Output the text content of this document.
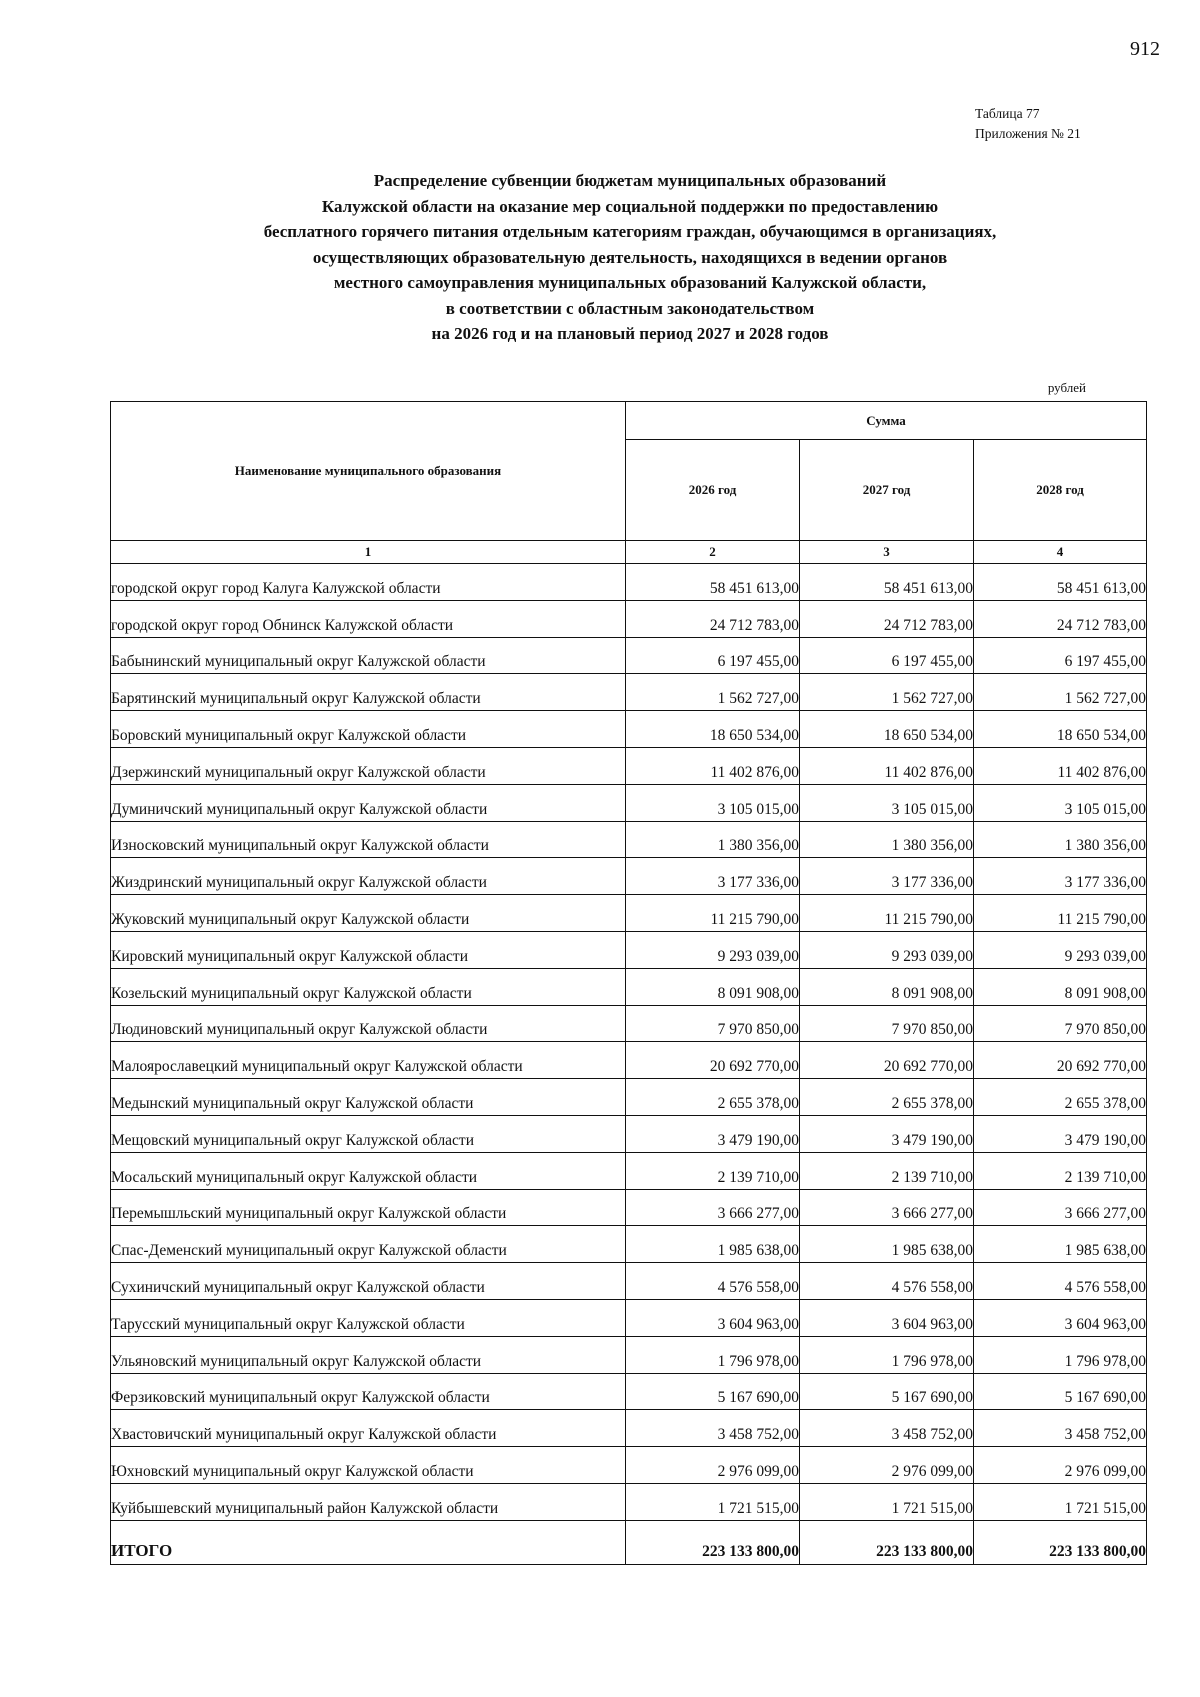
912
Таблица 77
Приложения № 21
Распределение субвенции бюджетам муниципальных образований
Калужской области на оказание мер социальной поддержки по предоставлению
бесплатного горячего питания отдельным категориям граждан, обучающимся в организациях,
осуществляющих образовательную деятельность, находящихся в ведении органов
местного самоуправления муниципальных образований Калужской области,
в соответствии с областным законодательством
на 2026 год и на плановый период 2027 и 2028 годов
рублей
Наименование муниципального образования	Сумма		
	2026 год	2027 год	2028 год
1	2	3	4
городской округ город Калуга Калужской области	58 451 613,00	58 451 613,00	58 451 613,00
городской округ город Обнинск Калужской области	24 712 783,00	24 712 783,00	24 712 783,00
Бабынинский муниципальный округ Калужской области	6 197 455,00	6 197 455,00	6 197 455,00
Барятинский муниципальный округ Калужской области	1 562 727,00	1 562 727,00	1 562 727,00
Боровский муниципальный округ Калужской области	18 650 534,00	18 650 534,00	18 650 534,00
Дзержинский муниципальный округ Калужской области	11 402 876,00	11 402 876,00	11 402 876,00
Думиничский муниципальный округ Калужской области	3 105 015,00	3 105 015,00	3 105 015,00
Износковский муниципальный округ Калужской области	1 380 356,00	1 380 356,00	1 380 356,00
Жиздринский муниципальный округ Калужской области	3 177 336,00	3 177 336,00	3 177 336,00
Жуковский муниципальный округ Калужской области	11 215 790,00	11 215 790,00	11 215 790,00
Кировский муниципальный округ Калужской области	9 293 039,00	9 293 039,00	9 293 039,00
Козельский муниципальный округ Калужской области	8 091 908,00	8 091 908,00	8 091 908,00
Людиновский муниципальный округ Калужской области	7 970 850,00	7 970 850,00	7 970 850,00
Малоярославецкий муниципальный округ Калужской области	20 692 770,00	20 692 770,00	20 692 770,00
Медынский муниципальный округ Калужской области	2 655 378,00	2 655 378,00	2 655 378,00
Мещовский муниципальный округ Калужской области	3 479 190,00	3 479 190,00	3 479 190,00
Мосальский муниципальный округ Калужской области	2 139 710,00	2 139 710,00	2 139 710,00
Перемышльский муниципальный округ Калужской области	3 666 277,00	3 666 277,00	3 666 277,00
Спас-Деменский муниципальный округ Калужской области	1 985 638,00	1 985 638,00	1 985 638,00
Сухиничский муниципальный округ Калужской области	4 576 558,00	4 576 558,00	4 576 558,00
Тарусский муниципальный округ Калужской области	3 604 963,00	3 604 963,00	3 604 963,00
Ульяновский муниципальный округ Калужской области	1 796 978,00	1 796 978,00	1 796 978,00
Ферзиковский муниципальный округ Калужской области	5 167 690,00	5 167 690,00	5 167 690,00
Хвастовичский муниципальный округ Калужской области	3 458 752,00	3 458 752,00	3 458 752,00
Юхновский муниципальный округ Калужской области	2 976 099,00	2 976 099,00	2 976 099,00
Куйбышевский муниципальный район Калужской области	1 721 515,00	1 721 515,00	1 721 515,00
ИТОГО	223 133 800,00	223 133 800,00	223 133 800,00
